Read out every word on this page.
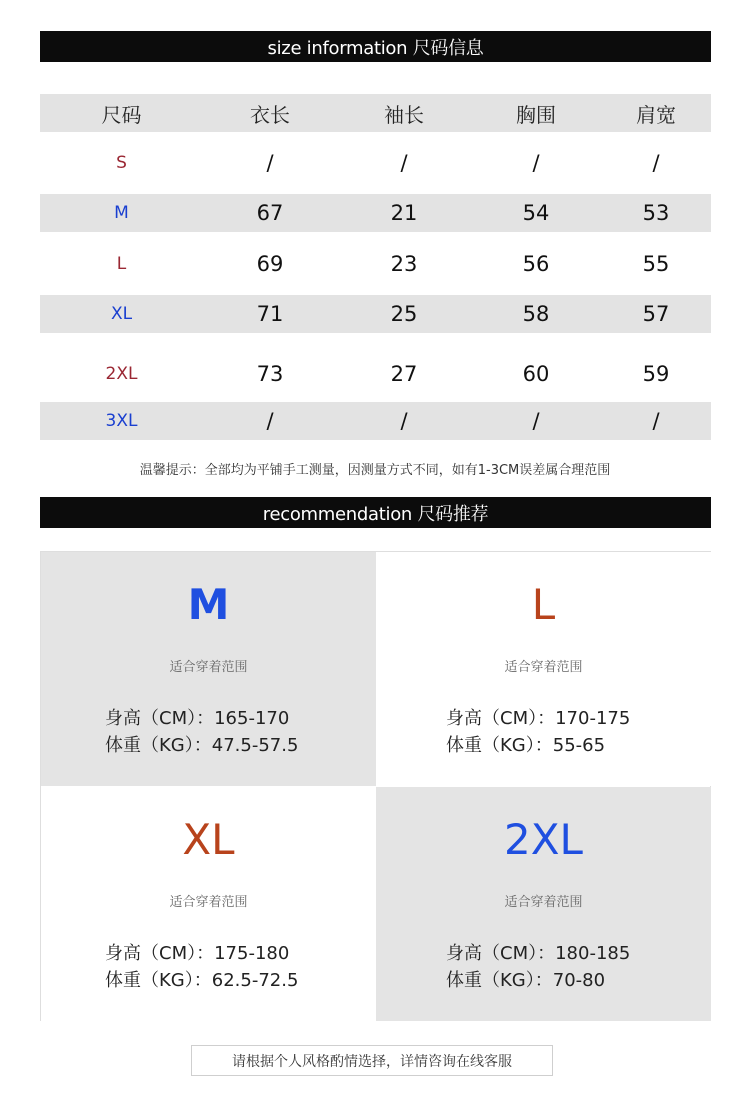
size information 尺码信息
尺码	衣长	袖长	胸围	肩宽
S	/	/	/	/
M	67	21	54	53
L	69	23	56	55
XL	71	25	58	57
2XL	73	27	60	59
3XL	/	/	/	/
温馨提示：全部均为平铺手工测量，因测量方式不同，如有1-3CM误差属合理范围
recommendation 尺码推荐
M
适合穿着范围
身高（CM）：165-170
体重（KG）：47.5-57.5
L
适合穿着范围
身高（CM）：170-175
体重（KG）：55-65
XL
适合穿着范围
身高（CM）：175-180
体重（KG）：62.5-72.5
2XL
适合穿着范围
身高（CM）：180-185
体重（KG）：70-80
请根据个人风格酌情选择，详情咨询在线客服
